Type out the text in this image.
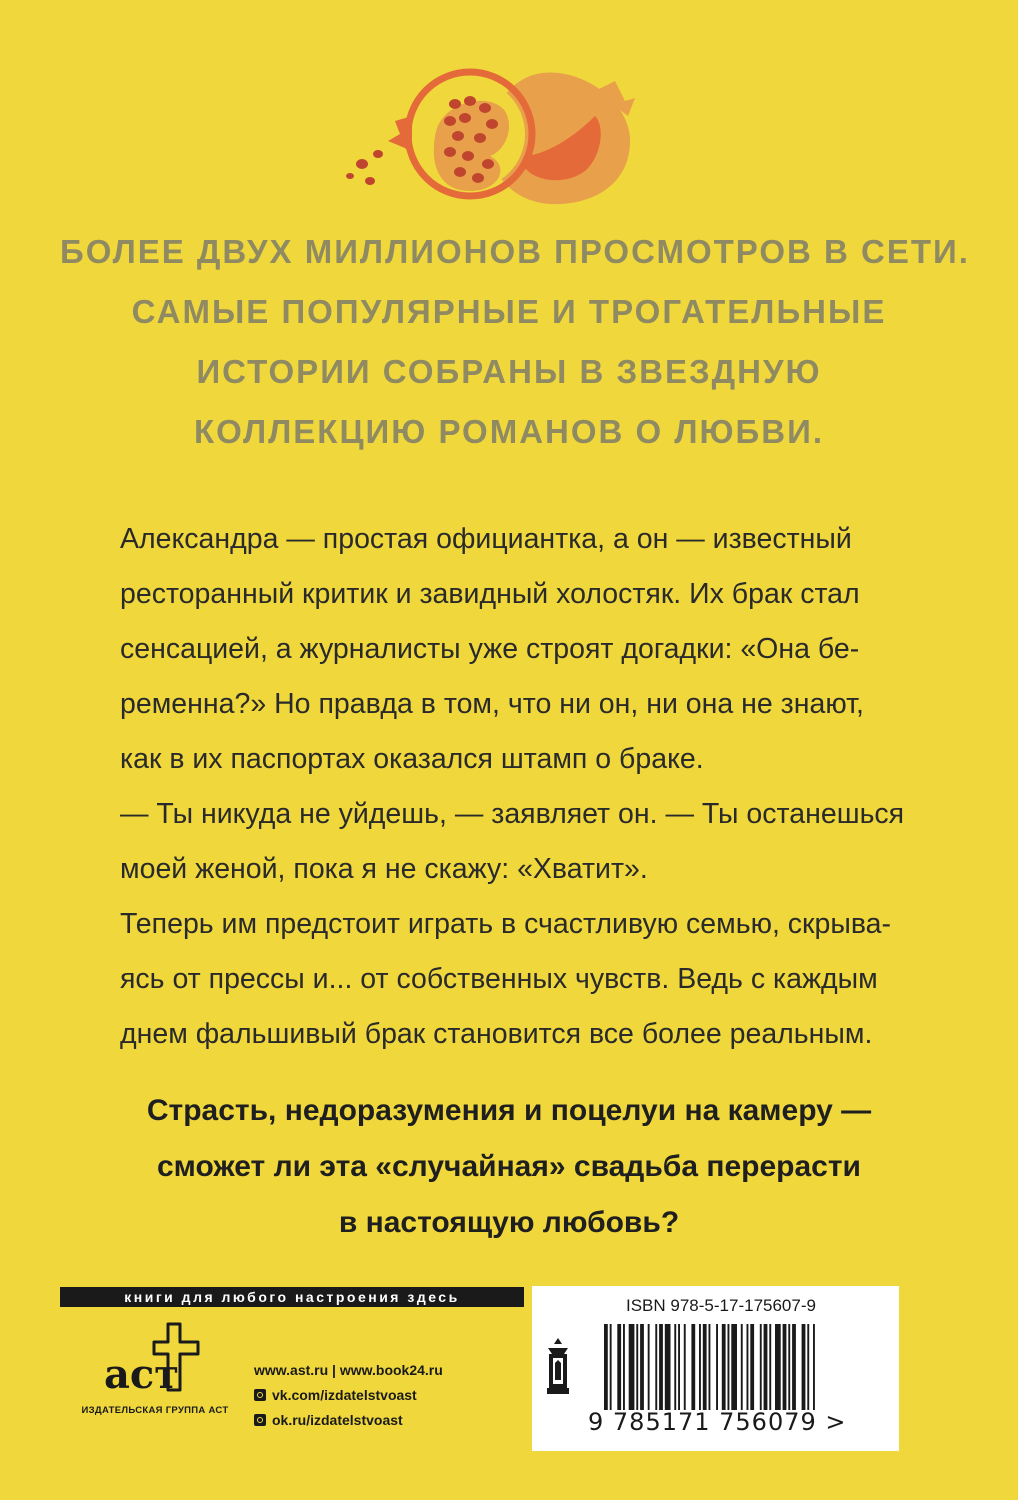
БОЛЕЕ ДВУХ МИЛЛИОНОВ ПРОСМОТРОВ В СЕТИ.
САМЫЕ ПОПУЛЯРНЫЕ И ТРОГАТЕЛЬНЫЕ
ИСТОРИИ СОБРАНЫ В ЗВЕЗДНУЮ
КОЛЛЕКЦИЮ РОМАНОВ О ЛЮБВИ.
Александра — простая официантка, а он — известный
ресторанный критик и завидный холостяк. Их брак стал
сенсацией, а журналисты уже строят догадки: «Она бе-
ременна?» Но правда в том, что ни он, ни она не знают,
как в их паспортах оказался штамп о браке.
— Ты никуда не уйдешь, — заявляет он. — Ты останешься
моей женой, пока я не скажу: «Хватит».
Теперь им предстоит играть в счастливую семью, скрыва-
ясь от прессы и... от собственных чувств. Ведь с каждым
днем фальшивый брак становится все более реальным.
Страсть, недоразумения и поцелуи на камеру —
сможет ли эта «случайная» свадьба перерасти
в настоящую любовь?
книги для любого настроения здесь
аст
ИЗДАТЕЛЬСКАЯ ГРУППА АСТ
www.ast.ru | www.book24.ru
vk.com/izdatelstvoast
ok.ru/izdatelstvoast
ISBN 978-5-17-175607-9
9 785171 756079 >
